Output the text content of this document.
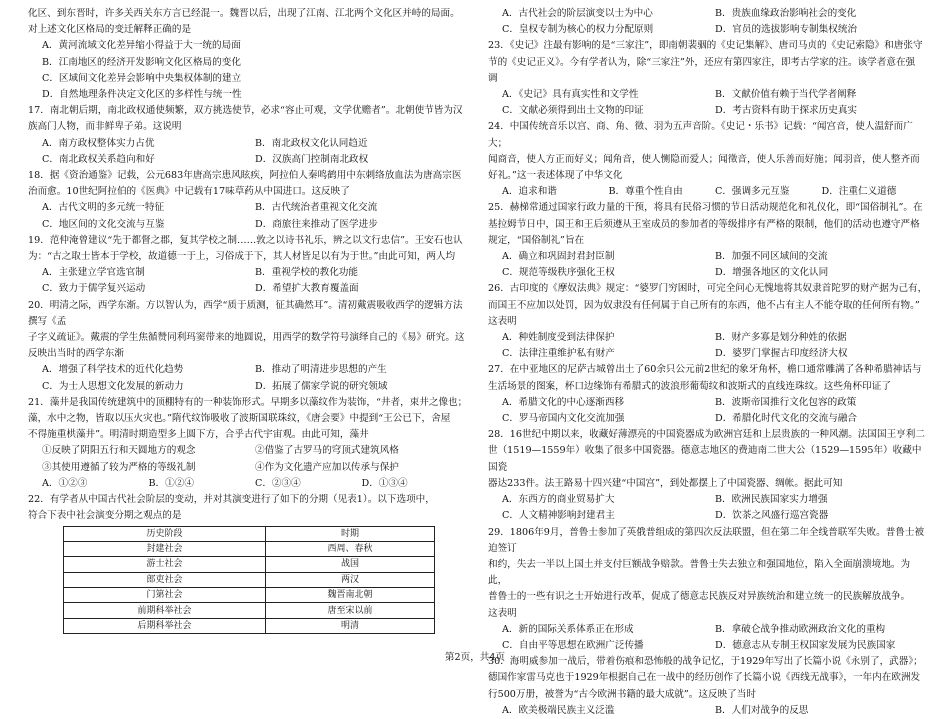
化区、到东晋时，许多关西关东方言已经混一。魏晋以后，出现了江南、江北两个文化区并峙的局面。

对上述文化区格局的变迁解释正确的是

A．黄河流域文化差异缩小得益于大一统的局面

B．江南地区的经济开发影响文化区格局的变化

C．区域间文化差异会影响中央集权体制的建立

D．自然地理条件决定文化区的多样性与统一性

17．南北朝后期，南北政权通使频繁，双方挑选使节，必求“容止可观，文学优赡者”。北朝使节皆为汉

族高门人物，而非鲜卑子弟。这说明

A．南方政权整体实力占优	B．南北政权文化认同趋近
C．南北政权关系趋向和好	D．汉族高门控制南北政权

18．据《资治通鉴》记载，公元683年唐高宗患风眩疾，阿拉伯人秦鸣鹤用中东刺络放血法为唐高宗医

治而愈。10世纪阿拉伯的《医典》中记载有17味草药从中国进口。这反映了

A．古代文明的多元统一特征	B．古代统治者重视文化交流
C．地区间的文化交流与互鉴	D．商旅往来推动了医学进步

19．范仲淹曾建议“先于都督之郡，复其学校之制……敦之以诗书礼乐，辨之以文行忠信”。王安石也认

为：“古之取士皆本于学校，故道德一于上，习俗成于下，其人材皆足以有为于世。”由此可知，两人均

A．主张建立学官选官制	B．重视学校的教化功能
C．致力于儒学复兴运动	D．希望扩大教育覆盖面

20．明清之际，西学东渐。方以智认为，西学“质于质测，征其确然耳”。清初戴震吸收西学的逻辑方法撰写《孟

子字义疏证》。戴震的学生焦循赞同利玛窦带来的地圆说，用西学的数学符号演绎自己的《易》研究。这

反映出当时的西学东渐

A．增强了科学技术的近代化趋势	B．推动了明清进步思想的产生
C．为士人思想文化发展的新动力	D．拓展了儒家学说的研究领域

21．藻井是我国传统建筑中的顶棚特有的一种装饰形式。早期多以藻纹作为装饰，“井者，束井之像也；

藻，水中之物，皆取以压火灾也。”隋代纹饰吸收了波斯国联珠纹，《唐会要》中提到“王公已下，舍屋

不得施重栱藻井”。明清时期造型多上圆下方，合乎古代宇宙观。由此可知，藻井

①反映了阴阳五行和天圆地方的观念	②借鉴了古罗马的穹顶式建筑风格
③其使用遵循了较为严格的等级礼制	④作为文化遗产应加以传承与保护
A．①②③	B．①②④	C．②③④	D．①③④

22．有学者从中国古代社会阶层的变动，并对其演变进行了如下的分期（见表1）。以下选项中，

符合下表中社会演变分期之观点的是

历史阶段	时期
封建社会	西周、春秋
游士社会	战国
郎吏社会	两汉
门第社会	魏晋南北朝
前期科举社会	唐至宋以前
后期科举社会	明清
A．古代社会的阶层演变以士为中心	B．贵族血缘政治影响社会的变化
C．皇权专制为核心的权力分配原则	D．官员的选拔影响专制集权统治

23．《史记》注最有影响的是“三家注”，即南朝裴骃的《史记集解》、唐司马贞的《史记索隐》和唐张守

节的《史记正义》。今有学者认为，除“三家注”外，还应有第四家注，即考古学家的注。该学者意在强

调

A．《史记》具有真实性和文学性	B．文献价值有赖于当代学者阐释
C．文献必须得到出土文物的印证	D．考古资料有助于探求历史真实

24．中国传统音乐以宫、商、角、徵、羽为五声音阶。《史记・乐书》记载：“闻宫音，使人温舒而广大；

闻商音，使人方正而好义；闻角音，使人恻隐而爱人；闻徵音，使人乐善而好施；闻羽音，使人整齐而

好礼。”这一表述体现了中华文化

A．追求和谐	B．尊重个性自由	C．强调多元互鉴	D．注重仁义道德

25．赫梯常通过国家行政力量的干预，将具有民俗习惯的节日活动规范化和礼仪化，即“国俗制礼”。在

基拉姆节日中，国王和王后须遵从王室成员的参加者的等级排序有严格的限制，他们的活动也遵守严格规定，“国俗制礼”旨在

A．确立和巩固封君封臣制	B．加强不同区域间的交流
C．规范等级秩序强化王权	D．增强各地区的文化认同

26．古印度的《摩奴法典》规定：“婆罗门穷困时，可完全问心无愧地将其奴隶首陀罗的财产据为己有，

而国王不应加以处罚，因为奴隶没有任何属于自己所有的东西，他不占有主人不能夺取的任何所有物。”

这表明

A．种姓制度受到法律保护	B．财产多寡是划分种姓的依据
C．法律注重维护私有财产	D．婆罗门掌握古印度经济大权

27．在中亚地区的尼萨古城曾出土了60余只公元前2世纪的象牙角杯，檐口通常雕满了各种希腊神话与

生活场景的图案，杯口边缘饰有希腊式的波浪形葡萄纹和波斯式的直线连珠纹。这些角杯印证了

A．希腊文化的中心逐渐西移	B．波斯帝国推行文化包容的政策
C．罗马帝国内文化交流加强	D．希腊化时代文化的交流与融合

28．16世纪中期以来，收藏好薄漂亮的中国瓷器成为欧洲宫廷和上层贵族的一种风潮。法国国王亨利二

世（1519—1559年）收集了很多中国瓷器。德意志地区的费迪南二世大公（1529—1595年）收藏中国瓷

器达233件。法王路易十四兴建“中国宫”，到处都摆上了中国瓷器、绸帐。据此可知

A．东西方的商业贸易扩大	B．欧洲民族国家实力增强
C．人文精神影响封建君主	D．饮茶之风盛行巡宫瓷器

29．1806年9月，普鲁士参加了英俄普组成的第四次反法联盟，但在第二年全线普联军失败。普鲁士被迫签订

和约，失去一半以上国土并支付巨额战争赔款。普鲁士失去独立和强国地位，陷入全面崩溃境地。为此，

普鲁士的一些有识之士开始进行改革，促成了德意志民族反对异族统治和建立统一的民族解放战争。

这表明

A．新的国际关系体系正在形成	B．拿破仑战争推动欧洲政治文化的重构
C．自由平等思想在欧洲广泛传播	D．德意志从专制王权国家发展为民族国家

30．海明威参加一战后，带着伤痕和恐怖般的战争记忆，于1929年写出了长篇小说《永别了，武器》；

德国作家雷马克也于1929年根据自己在一战中的经历创作了长篇小说《西线无战事》，一年内在欧洲发

行500万册，被誉为“古今欧洲书籍的最大成就”。这反映了当时

A．欧美极端民族主义泛滥	B．人们对战争的反思
第2页，共4页
